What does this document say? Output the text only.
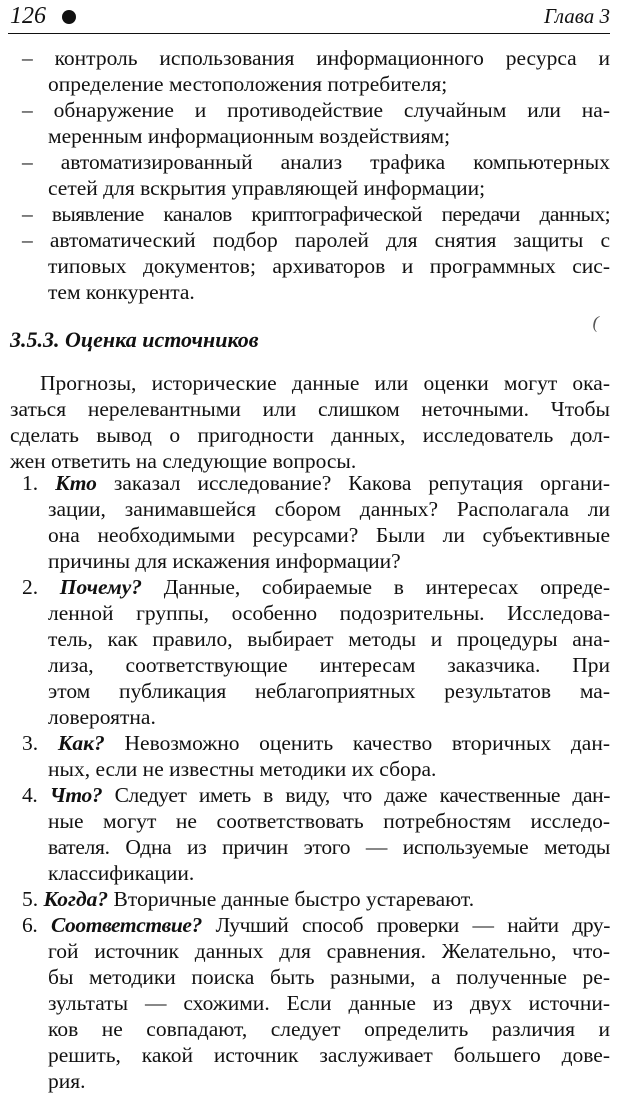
126	Глава 3
– контроль использования информационного ресурса и
определение местоположения потребителя;
– обнаружение и противодействие случайным или на-
меренным информационным воздействиям;
– автоматизированный анализ трафика компьютерных
сетей для вскрытия управляющей информации;
– выявление каналов криптографической передачи данных;
– автоматический подбор паролей для снятия защиты с
типовых документов; архиваторов и программных сис-
тем конкурента.
(
3.5.3. Оценка источников
Прогнозы, исторические данные или оценки могут ока-
заться нерелевантными или слишком неточными. Чтобы
сделать вывод о пригодности данных, исследователь дол-
жен ответить на следующие вопросы.
1. Кто заказал исследование? Какова репутация органи-
зации, занимавшейся сбором данных? Располагала ли
она необходимыми ресурсами? Были ли субъективные
причины для искажения информации?
2. Почему? Данные, собираемые в интересах опреде-
ленной группы, особенно подозрительны. Исследова-
тель, как правило, выбирает методы и процедуры ана-
лиза, соответствующие интересам заказчика. При
этом публикация неблагоприятных результатов ма-
ловероятна.
3. Как? Невозможно оценить качество вторичных дан-
ных, если не известны методики их сбора.
4. Что? Следует иметь в виду, что даже качественные дан-
ные могут не соответствовать потребностям исследо-
вателя. Одна из причин этого — используемые методы
классификации.
5. Когда? Вторичные данные быстро устаревают.
6. Соответствие? Лучший способ проверки — найти дру-
гой источник данных для сравнения. Желательно, что-
бы методики поиска быть разными, а полученные ре-
зультаты — схожими. Если данные из двух источни-
ков не совпадают, следует определить различия и
решить, какой источник заслуживает большего дове-
рия.
